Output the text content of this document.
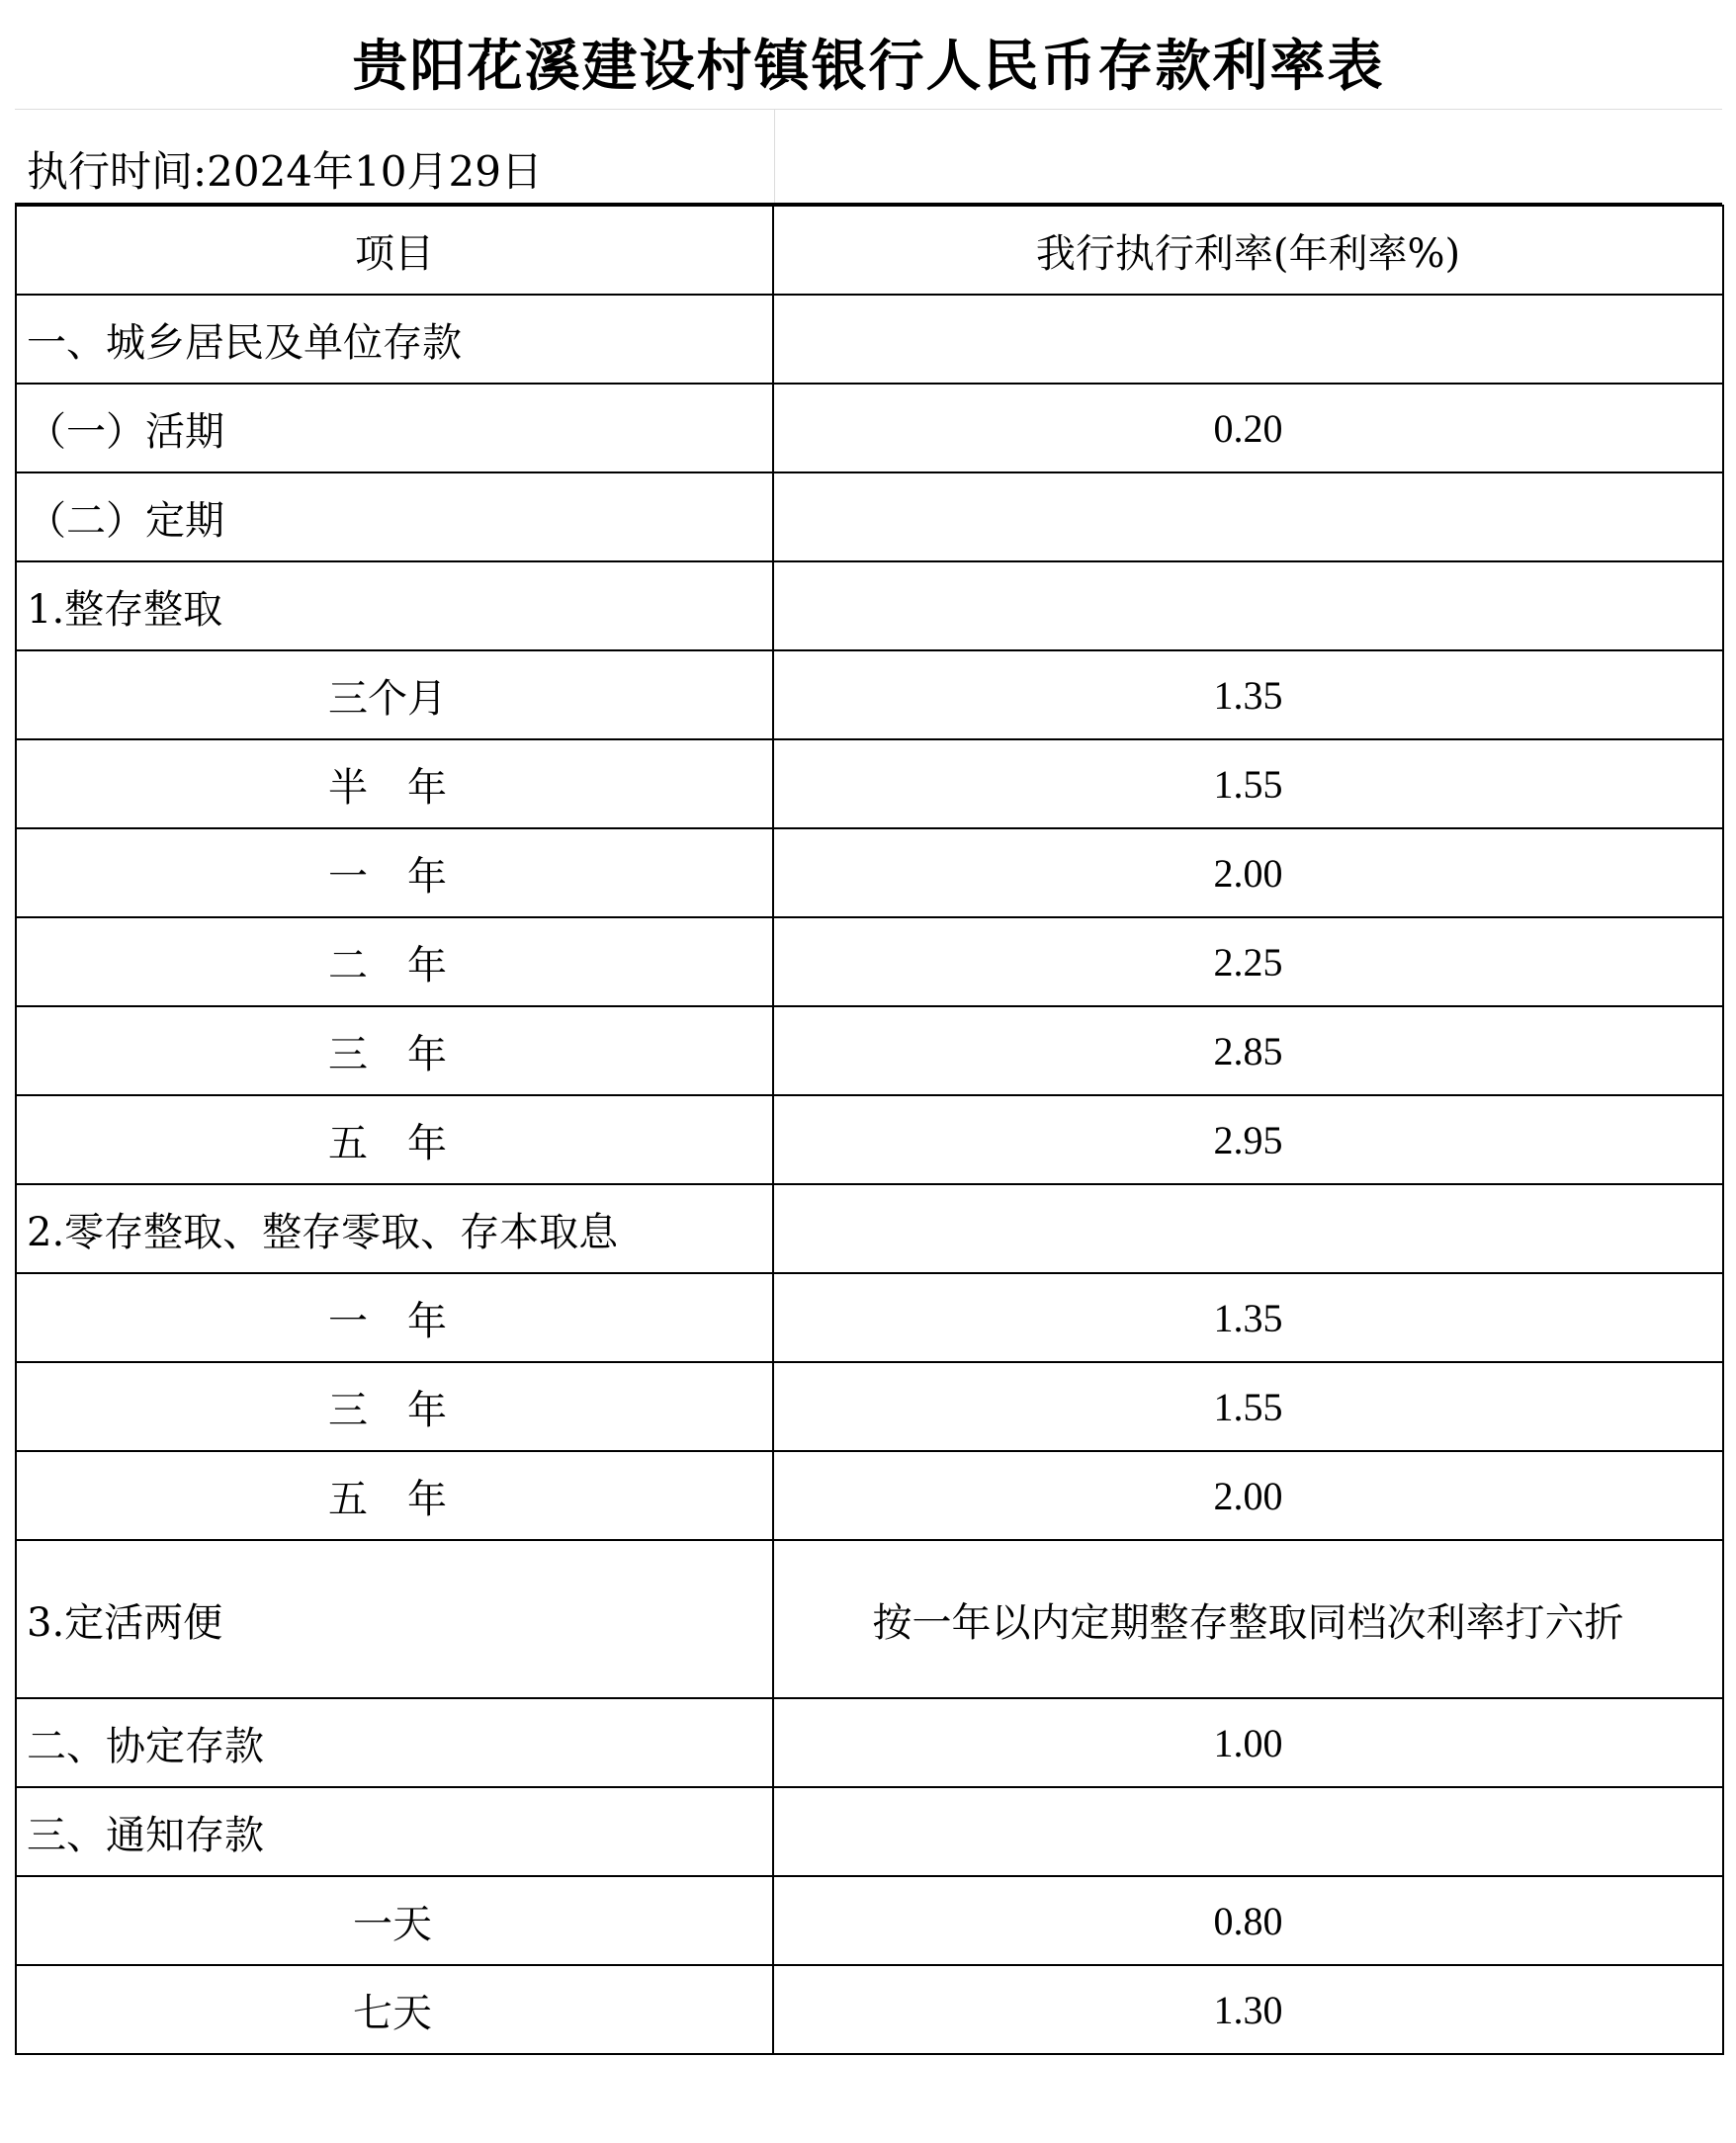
贵阳花溪建设村镇银行人民币存款利率表
执行时间:2024年10月29日
项目	我行执行利率(年利率%)
一、城乡居民及单位存款	
（一）活期	0.20
（二）定期	
1.整存整取	
三个月	1.35
半　年	1.55
一　年	2.00
二　年	2.25
三　年	2.85
五　年	2.95
2.零存整取、整存零取、存本取息	
一　年	1.35
三　年	1.55
五　年	2.00
3.定活两便	按一年以内定期整存整取同档次利率打六折
二、协定存款	1.00
三、通知存款	
一天	0.80
七天	1.30
